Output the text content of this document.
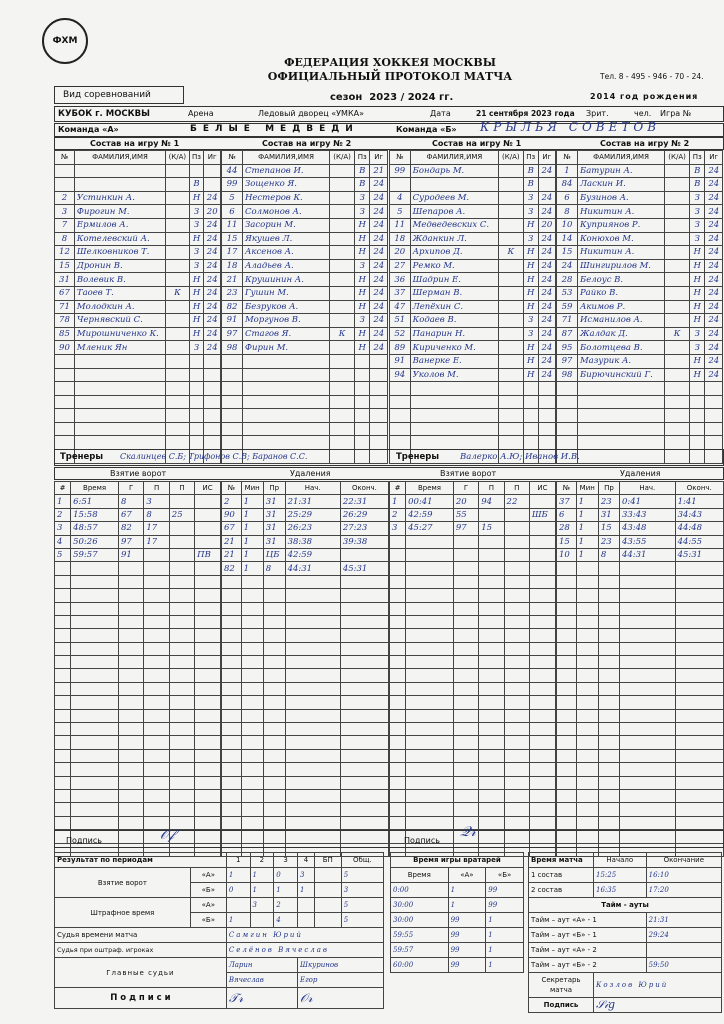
ФХМ
ФЕДЕРАЦИЯ ХОККЕЯ МОСКВЫ
ОФИЦИАЛЬНЫЙ ПРОТОКОЛ МАТЧА	Тел. 8 - 495 - 946 - 70 - 24.
Вид соревнований	сезон 2023 / 2024 гг.	2014 год рождения
КУБОК г. МОСКВЫ	Арена	Ледовый дворец «УМКА»	Дата	21 сентября 2023 года Зрит.	чел. Игра №
Команда «А»	БЕЛЫЕ МЕДВЕДИ	Команда «Б» КРЫЛЬЯ СОВЕТОВ
Состав на игру № 1	Состав на игру № 2	Состав на игру № 1	Состав на игру № 2
№	ФАМИЛИЯ,ИМЯ	(К/А)	Пз	Иг

			В	
2	Устинкин А.		Н	24
3	Фирогин М.		З	20
7	Ермилов А.		З	24
8	Котелевский А.		Н	24
12	Шелковников Т.		З	24
15	Дронин В.		З	24
31	Волевик В.		Н	24
67	Таоев Т.	К	Н	24
71	Молодкин А.		Н	24
78	Чернявский С.		Н	24
85	Мирошниченко К.		Н	24
90	Мленик Ян		З	24

№	ФАМИЛИЯ,ИМЯ	(К/А)	Пз	Иг
44	Степанов И.		В	21
99	Зощенко Я.		В	24
5	Нестеров К.		З	24
6	Солмонов А.		З	24
11	Засорин М.		Н	24
15	Якушев Л.		Н	24
17	Аксенов А.		Н	24
18	Аладьев А.		З	24
21	Крушинин А.		Н	24
23	Гушин М.		Н	24
82	Безруков А.		Н	24
91	Моргунов В.		З	24
97	Стагов Я.	К	Н	24
98	Фирин М.		Н	24

№	ФАМИЛИЯ,ИМЯ	(К/А)	Пз	Иг
99	Бондарь М.		В	24
			В	
4	Суродеев М.		З	24
5	Шепаров А.		З	24
11	Медведевских С.		Н	20
18	Жданкин Л.		З	24
20	Архипов Д.	К	Н	24
27	Ремко М.		Н	24
36	Шадрин Е.		Н	24
37	Шерман В.		Н	24
47	Лепёхин С.		Н	24
51	Кодаев В.		З	24
52	Панарин Н.		З	24
89	Кириченко М.		Н	24
91	Ванерке Е.		Н	24
94	Уколов М.		Н	24

№	ФАМИЛИЯ,ИМЯ	(К/А)	Пз	Иг
1	Батурин А.		В	24
84	Ласкин И.		В	24
6	Бузинов А.		З	24
8	Никитин А.		З	24
10	Куприянов Р.		З	24
14	Конюхов М.		З	24
15	Никитин А.		Н	24
24	Шингирилов М.		Н	24
28	Белоус В.		Н	24
53	Райко В.		Н	24
59	Акимов Р.		Н	24
71	Исманилов А.		Н	24
87	Жалдак Д.	К	З	24
95	Болотцева В.		З	24
97	Мазурик А.		Н	24
98	Бирючинский Г.		Н	24

Тренеры Скалинцев С.Б; Трифонов С.В; Баранов С.С.	Тренеры Валерко А.Ю; Иванов И.В.
Взятие ворот	Удаления	Взятие ворот	Удаления
#	Время	Г	П	П	ИС
1	6:51	8	3		
2	15:58	67	8	25	
3	48:57	82	17		
4	50:26	97	17		
5	59:57	91			ПВ

№	Мин	Пр	Нач.	Оконч.
2	1	31	21:31	22:31
90	1	31	25:29	26:29
67	1	31	26:23	27:23
21	1	31	38:38	39:38
21	1	ЦБ	42:59	
82	1	8	44:31	45:31

#	Время	Г	П	П	ИС
1	00:41	20	94	22	
2	42:59	55			ШБ
3	45:27	97	15		

№	Мин	Пр	Нач.	Оконч.
37	1	23	0:41	1:41
6	1	31	33:43	34:43
28	1	15	43:48	44:48
15	1	23	43:55	44:55
10	1	8	44:31	45:31

Подпись	𝒪𝒻	Подпись
𝒬𝓇
Результат по периодам		1	2	3	4	БП	Общ.
Взятие ворот	«А»	1	1	0	3		5
	«Б»	0	1	1	1		3
Штрафное время	«А»		3	2			5
	«Б»	1		4			5
Судья времени матча		Самгин Юрий					
Судья при оштраф. игроках		Селёнов Вячеслав					
Главные судьи		Ларин			Шкуринов		
		Вячеслав			Егор		
П о д п и с и		𝒯𝓇			𝒪𝓇		
Время игры вратарей		
Время	«А»	«Б»
0:00	1	99
30:00	1	99
30:00	99	1
59:55	99	1
59:57	99	1
60:00	99	1
Время матча	Начало	Окончание
1 состав	15:25	16:10
2 состав	16:35	17:20
Тайм - ауты		
Тайм – аут «А» - 1		21:31
Тайм – аут «Б» - 1		29:24
Тайм – аут «А» - 2		
Тайм – аут «Б» - 2		59:50
Секретарь матча	Козлов Юрий	
Подпись	𝒮𝒾𝑔	
